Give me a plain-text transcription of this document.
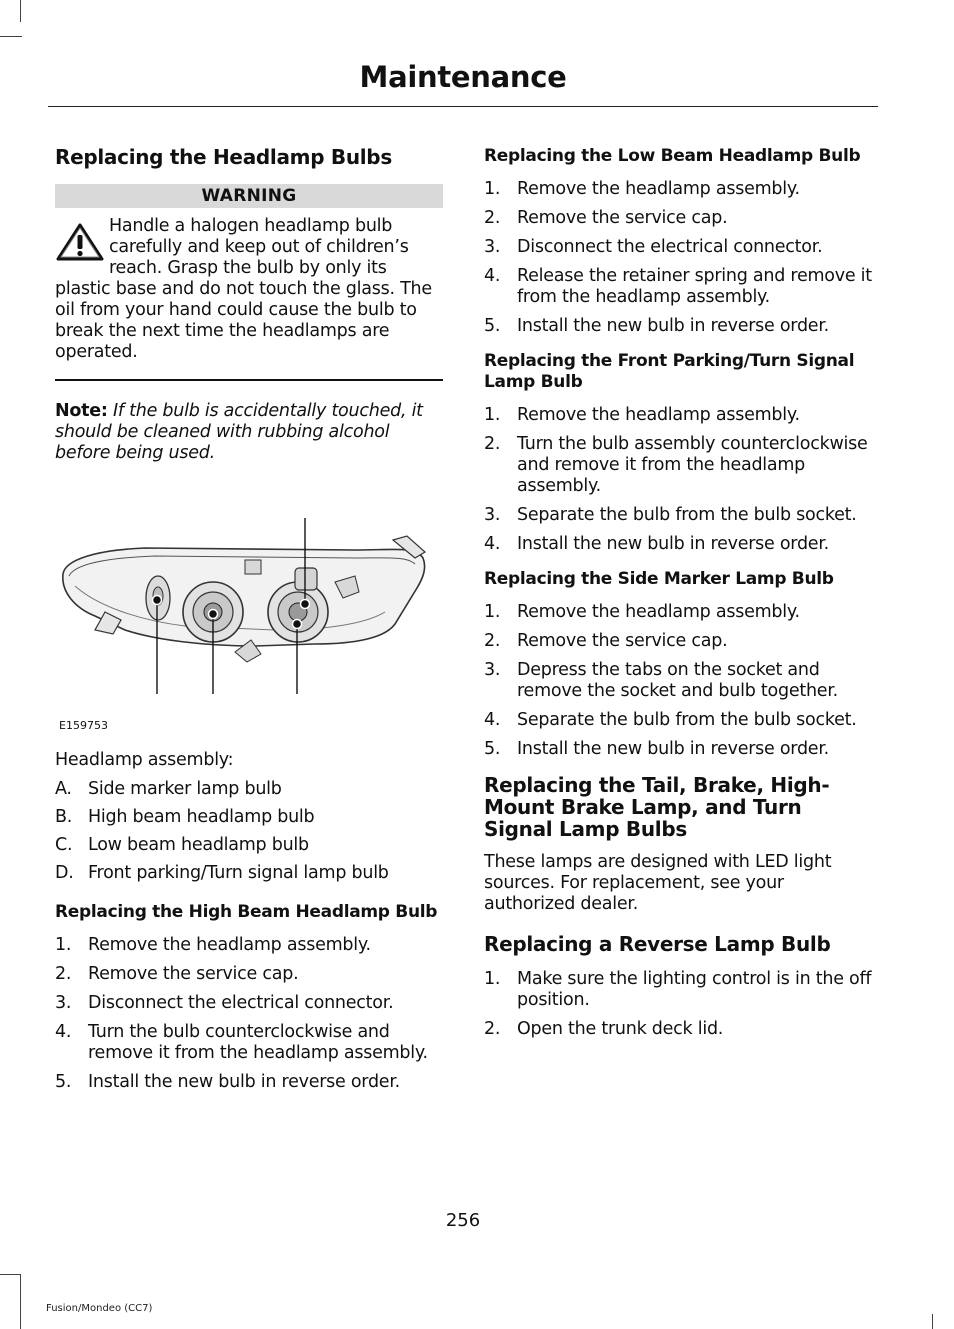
Maintenance
Replacing the Headlamp Bulbs
WARNING
Handle a halogen headlamp bulb carefully and keep out of children’s reach. Grasp the bulb by only its plastic base and do not touch the glass. The oil from your hand could cause the bulb to break the next time the headlamps are operated.
Note: If the bulb is accidentally touched, it should be cleaned with rubbing alcohol before being used.
E159753
Headlamp assembly:
A. Side marker lamp bulb
B. High beam headlamp bulb
C. Low beam headlamp bulb
D. Front parking/Turn signal lamp bulb
Replacing the High Beam Headlamp Bulb
1. Remove the headlamp assembly.
2. Remove the service cap.
3. Disconnect the electrical connector.
4. Turn the bulb counterclockwise and remove it from the headlamp assembly.
5. Install the new bulb in reverse order.
Replacing the Low Beam Headlamp Bulb
1. Remove the headlamp assembly.
2. Remove the service cap.
3. Disconnect the electrical connector.
4. Release the retainer spring and remove it from the headlamp assembly.
5. Install the new bulb in reverse order.
Replacing the Front Parking/Turn Signal Lamp Bulb
1. Remove the headlamp assembly.
2. Turn the bulb assembly counterclockwise and remove it from the headlamp assembly.
3. Separate the bulb from the bulb socket.
4. Install the new bulb in reverse order.
Replacing the Side Marker Lamp Bulb
1. Remove the headlamp assembly.
2. Remove the service cap.
3. Depress the tabs on the socket and remove the socket and bulb together.
4. Separate the bulb from the bulb socket.
5. Install the new bulb in reverse order.
Replacing the Tail, Brake, High-Mount Brake Lamp, and Turn Signal Lamp Bulbs
These lamps are designed with LED light sources. For replacement, see your authorized dealer.
Replacing a Reverse Lamp Bulb
1. Make sure the lighting control is in the off position.
2. Open the trunk deck lid.
256
Fusion/Mondeo (CC7)
